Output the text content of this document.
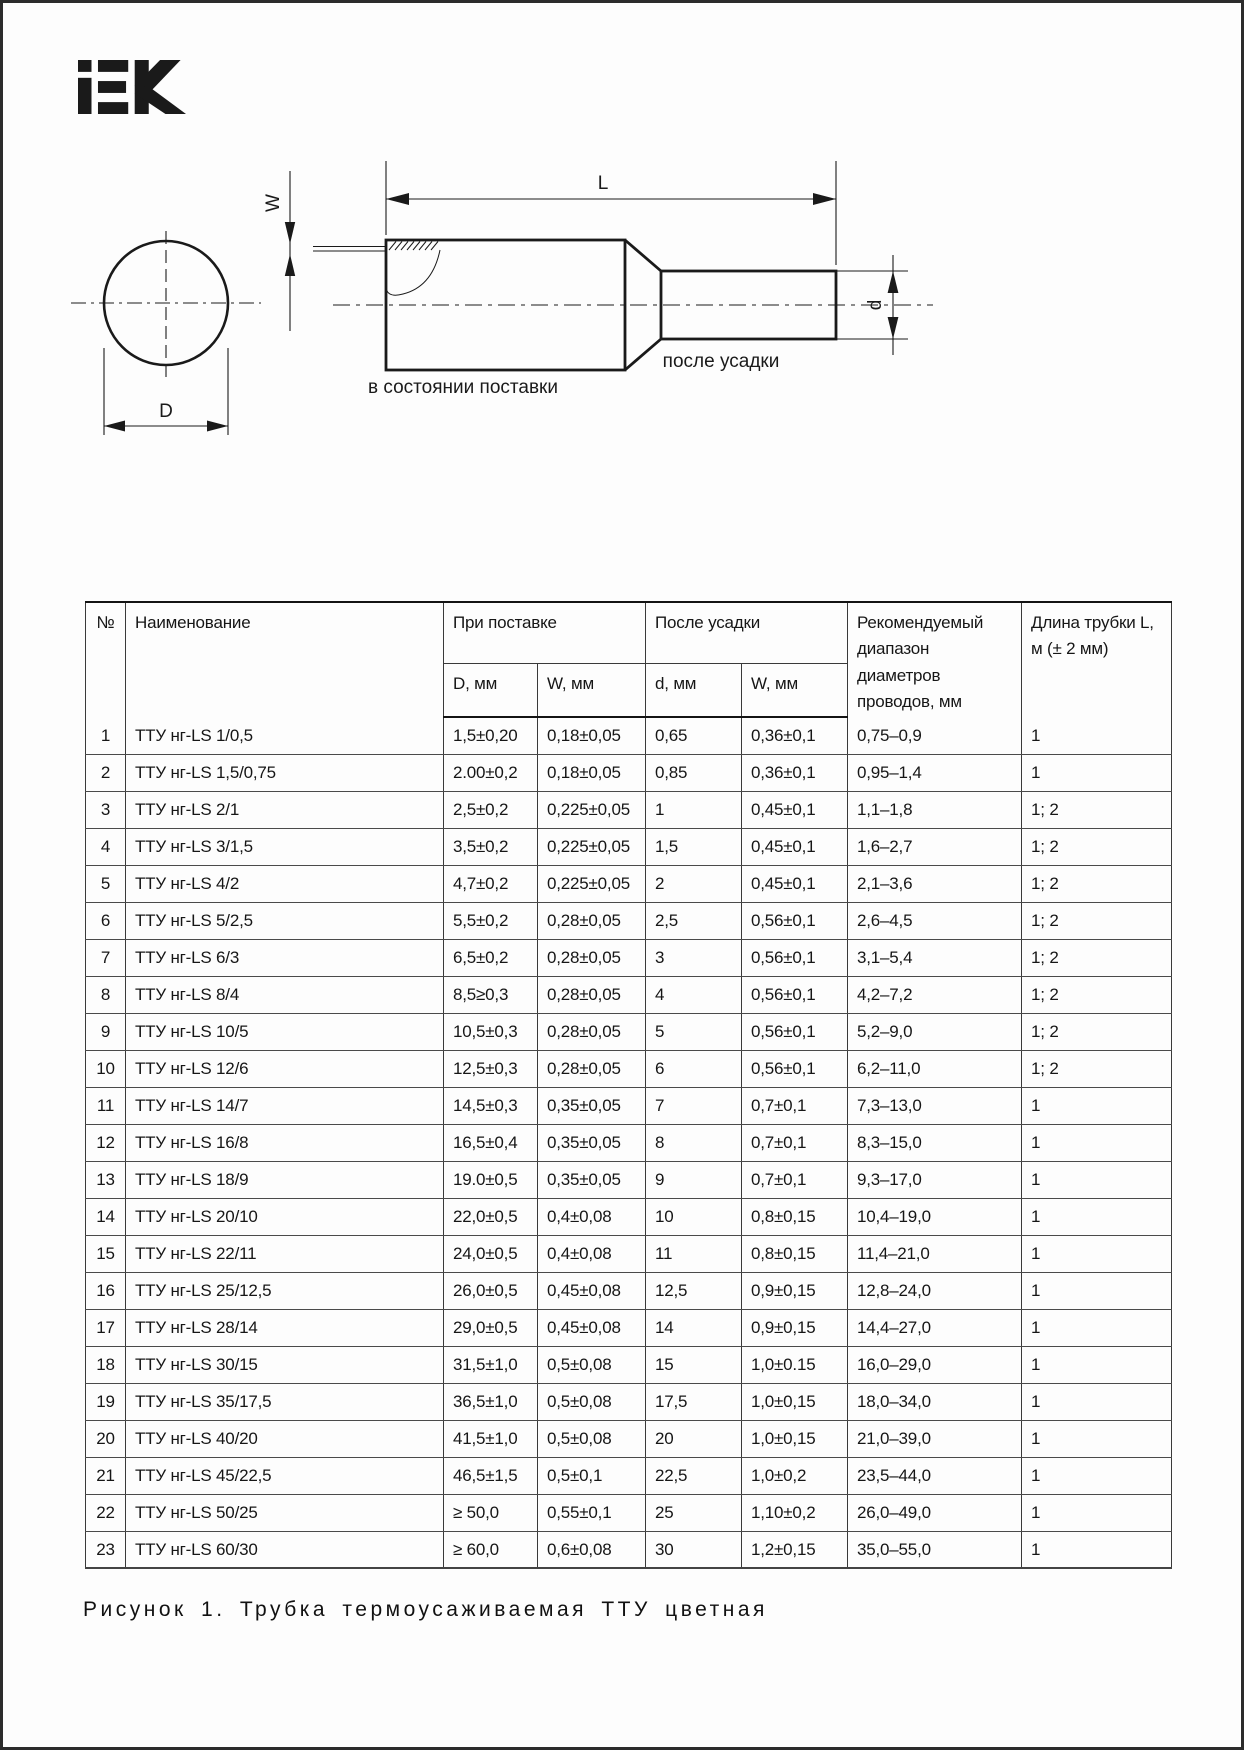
L
W
D
d
в состоянии поставки
после усадки
№	Наименование	При поставке		После усадки		Рекомендуемый диапазон диаметров проводов, мм	Длина трубки L, м (± 2 мм)
		D, мм	W, мм	d, мм	W, мм		
1	ТТУ нг-LS 1/0,5	1,5±0,20	0,18±0,05	0,65	0,36±0,1	0,75–0,9	1
2	ТТУ нг-LS 1,5/0,75	2.00±0,2	0,18±0,05	0,85	0,36±0,1	0,95–1,4	1
3	ТТУ нг-LS 2/1	2,5±0,2	0,225±0,05	1	0,45±0,1	1,1–1,8	1; 2
4	ТТУ нг-LS 3/1,5	3,5±0,2	0,225±0,05	1,5	0,45±0,1	1,6–2,7	1; 2
5	ТТУ нг-LS 4/2	4,7±0,2	0,225±0,05	2	0,45±0,1	2,1–3,6	1; 2
6	ТТУ нг-LS 5/2,5	5,5±0,2	0,28±0,05	2,5	0,56±0,1	2,6–4,5	1; 2
7	ТТУ нг-LS 6/3	6,5±0,2	0,28±0,05	3	0,56±0,1	3,1–5,4	1; 2
8	ТТУ нг-LS 8/4	8,5≥0,3	0,28±0,05	4	0,56±0,1	4,2–7,2	1; 2
9	ТТУ нг-LS 10/5	10,5±0,3	0,28±0,05	5	0,56±0,1	5,2–9,0	1; 2
10	ТТУ нг-LS 12/6	12,5±0,3	0,28±0,05	6	0,56±0,1	6,2–11,0	1; 2
11	ТТУ нг-LS 14/7	14,5±0,3	0,35±0,05	7	0,7±0,1	7,3–13,0	1
12	ТТУ нг-LS 16/8	16,5±0,4	0,35±0,05	8	0,7±0,1	8,3–15,0	1
13	ТТУ нг-LS 18/9	19.0±0,5	0,35±0,05	9	0,7±0,1	9,3–17,0	1
14	ТТУ нг-LS 20/10	22,0±0,5	0,4±0,08	10	0,8±0,15	10,4–19,0	1
15	ТТУ нг-LS 22/11	24,0±0,5	0,4±0,08	11	0,8±0,15	11,4–21,0	1
16	ТТУ нг-LS 25/12,5	26,0±0,5	0,45±0,08	12,5	0,9±0,15	12,8–24,0	1
17	ТТУ нг-LS 28/14	29,0±0,5	0,45±0,08	14	0,9±0,15	14,4–27,0	1
18	ТТУ нг-LS 30/15	31,5±1,0	0,5±0,08	15	1,0±0.15	16,0–29,0	1
19	ТТУ нг-LS 35/17,5	36,5±1,0	0,5±0,08	17,5	1,0±0,15	18,0–34,0	1
20	ТТУ нг-LS 40/20	41,5±1,0	0,5±0,08	20	1,0±0,15	21,0–39,0	1
21	ТТУ нг-LS 45/22,5	46,5±1,5	0,5±0,1	22,5	1,0±0,2	23,5–44,0	1
22	ТТУ нг-LS 50/25	≥ 50,0	0,55±0,1	25	1,10±0,2	26,0–49,0	1
23	ТТУ нг-LS 60/30	≥ 60,0	0,6±0,08	30	1,2±0,15	35,0–55,0	1
Рисунок 1. Трубка термоусаживаемая ТТУ цветная
